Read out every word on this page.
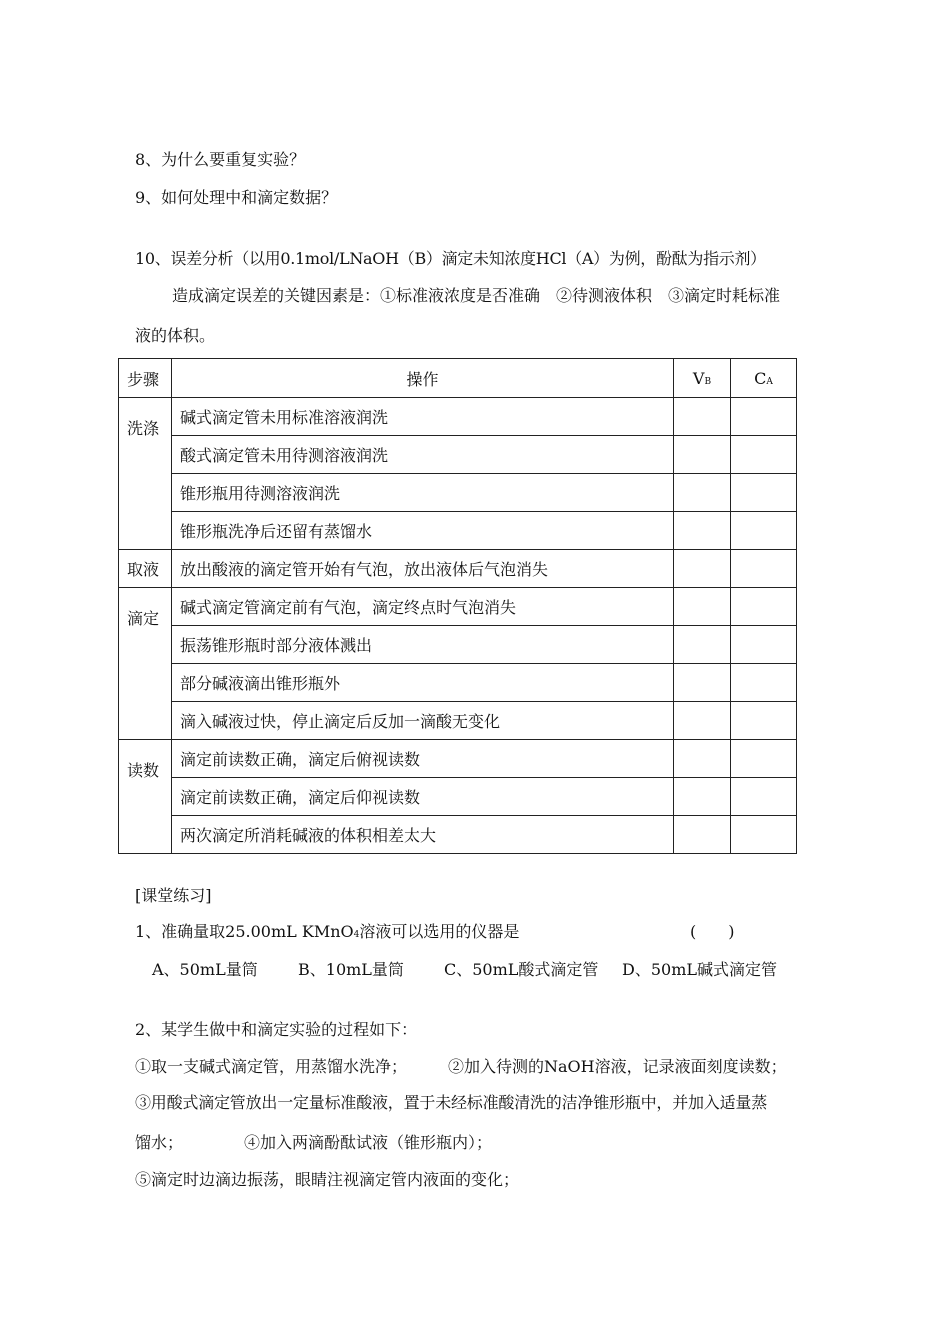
8、为什么要重复实验？
9、如何处理中和滴定数据？
10、误差分析（以用0.1mol/LNaOH（B）滴定未知浓度HCl（A）为例，酚酞为指示剂）
造成滴定误差的关键因素是：①标准液浓度是否准确　②待测液体积　③滴定时耗标准
液的体积。
步骤	操作	VB	CA
洗涤	碱式滴定管未用标准溶液润洗		
	酸式滴定管未用待测溶液润洗		
	锥形瓶用待测溶液润洗		
	锥形瓶洗净后还留有蒸馏水		
取液	放出酸液的滴定管开始有气泡，放出液体后气泡消失		
滴定	碱式滴定管滴定前有气泡，滴定终点时气泡消失		
	振荡锥形瓶时部分液体溅出		
	部分碱液滴出锥形瓶外		
	滴入碱液过快，停止滴定后反加一滴酸无变化		
读数	滴定前读数正确，滴定后俯视读数		
	滴定前读数正确，滴定后仰视读数		
	两次滴定所消耗碱液的体积相差太大		
[课堂练习]
1、准确量取25.00mL KMnO4溶液可以选用的仪器是	(　　)
A、50mL量筒	B、10mL量筒	C、50mL酸式滴定管 D、50mL碱式滴定管
2、某学生做中和滴定实验的过程如下：
①取一支碱式滴定管，用蒸馏水洗净；	②加入待测的NaOH溶液，记录液面刻度读数；
③用酸式滴定管放出一定量标准酸液，置于未经标准酸清洗的洁净锥形瓶中，并加入适量蒸
馏水；	④加入两滴酚酞试液（锥形瓶内）；
⑤滴定时边滴边振荡，眼睛注视滴定管内液面的变化；
